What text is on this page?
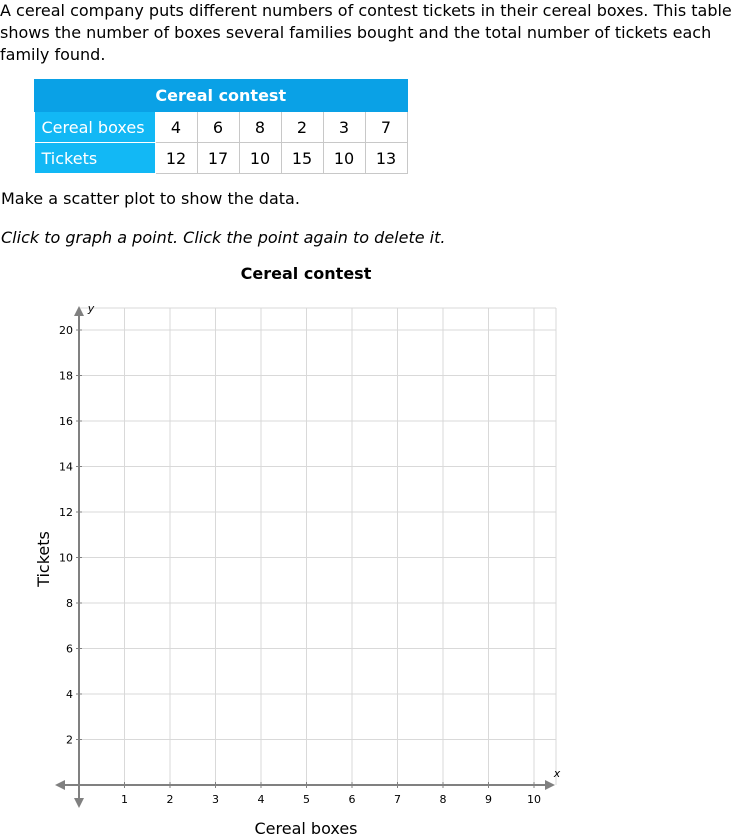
A cereal company puts different numbers of contest tickets in their cereal boxes. This table
shows the number of boxes several families bought and the total number of tickets each
family found.
Cereal contest						
Cereal boxes	4	6	8	2	3	7
Tickets	12	17	10	15	10	13
Make a scatter plot to show the data.
Click to graph a point. Click the point again to delete it.
Cereal contest
1	2	3	4	5	6	7	8	9	10
2
4
6
8
10
12
14
16
18
20
x
y
Cereal boxes
Tickets
